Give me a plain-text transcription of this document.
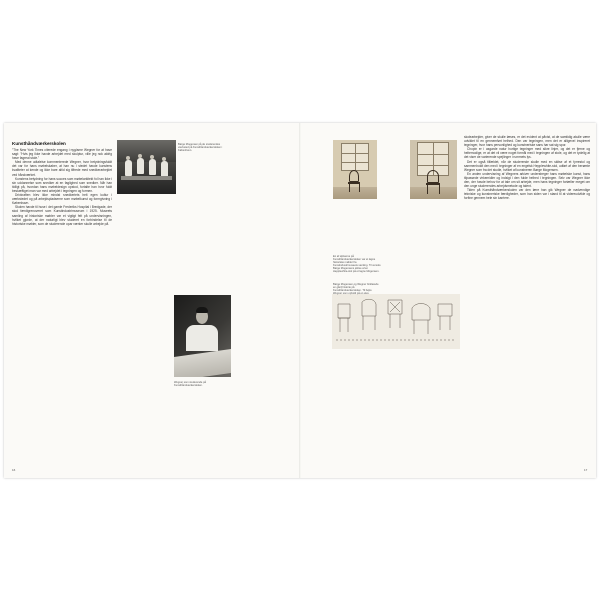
Kunsthåndværkerskolen

"The New York Times citerede engang i nyg/ame Wegner for at have sagt: "Hvis jeg ikke havde arbejdet med skulptur, ville jeg nok aldrig have fagreal stole."

Med denne udtalelse kommenterede Wegner, hvor betydningsfuldt det var for hans møbelskaber, at han nu i stedet havde kunstens kvaliteter at kende og ikke bare altid sig tilfrede med snedkerarbejdet ved håndværket.

Kunstens betydning for hans succes som møbelarkitekt fol han ikke i sin uddannelse som snedker at en faglighed som snedker. Når han tidligt på, hvordan hans møbeldesign opstod, fortalte han hvor fuldt beskæftiget man var med arbejdet i tegningen og formen.

Drivkraften blev ikke mindst snedkeriets helt egen kultur i værkstedet og på arbejdspladserne som møbelkunst og formgivning i København.

Skolen havde til huse i det gamle Frederiks Hospital i Bredgade, der stod færdigrenoveret som Kunstindustrimuseum i 1925. Museets samling af historiske møbler var et vigtigt felt på undervisningen, hvilket gjorde, at der naturligt blev studeret en forbindelse til de historiske møbler, som de studerende opar værker skulle arbejde på.

Børge Mogensen på de studerendes værksted på Kunsthåndværkerskolen i København.
Wegner som studerende på Kunsthåndværkerskolen.
En af skitserne på Kunsthåndværkerskolen var et lagne historiske møbler fra Kunstindustrimuseets samling. Til venstre Børge Mogensens skitse af en Hepplewhite-stol på et lagne Mogensen.
Børge Mogensen og Wegner forklarede en gård historie på Kunsthåndværkerskolen. Til højre Wegner som ophold på en elev.

skolearbejder, giver de skulle læses, er det evident at påvist, at de samtidig akulle være udviklet til en gennemført helhed. Den var tegningen, men det er alligevel inspireret tegninger, hvor hans personlighed og kunstneriske sans har sat sig spor.

Chopin er i asgarde natur hurtige tegninger med sikre linjer, og det er fjerne og heltemodige, er at det vil være noget formål med i tegningen af stole, og det er tydelig at det viser de varierende spejlinger i rummets lys.

Det er også tilfældet, når de studerende skulle med en skitse af et fyrrestol og sammenholdt den med i tegninger af en engelsk Hepplewhite-stol, udført af den berømte Wegner som fra det studie, hvilket af kunstneren Børge Mogensen.

En anden undervisning af Wegners arkiver understreger hans møbelske kunst, hans tilpassede virkemidler og indsigt i den fulde helhed i tegningen. Selv var Wegner ikke den, der havde behov for at tale om sit arbejde, men hans tegninger fortæller meget om den unge studerendes arbejdsmetode og talent.

Tiden på Kunsthåndværkerskolen var den lære han gik Wegner de nødvendige tekniske og kunstneriske færdigheder, som han siden var i stand til at videreudvikle og forfine gennem hele sin karriere.

16	17
